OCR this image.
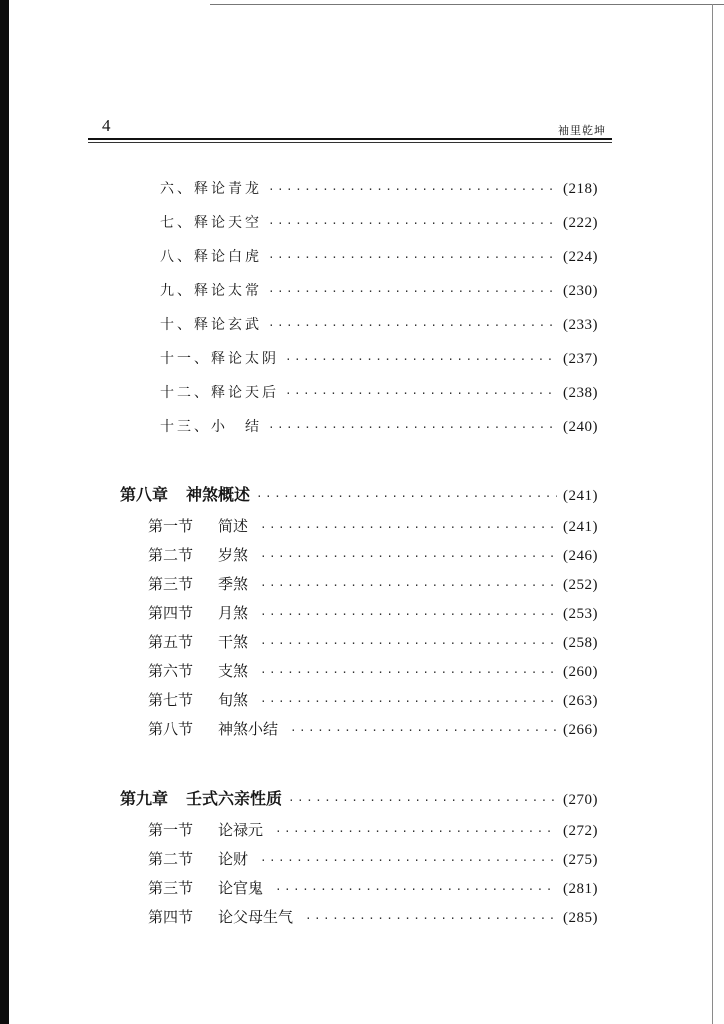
4	袖里乾坤
六、释论青龙 ·····	(218)
七、释论天空 ·····	(222)
八、释论白虎 ·····	(224)
九、释论太常 ·····	(230)
十、释论玄武 ·····	(233)
十一、释论太阴 ·····	(237)
十二、释论天后 ·····	(238)
十三、小　结 ·····	(240)
第八章 神煞概述 ·····	(241)
第一节	简述 ·····	(241)
第二节	岁煞 ·····	(246)
第三节	季煞 ·····	(252)
第四节	月煞 ·····	(253)
第五节	干煞 ·····	(258)
第六节	支煞 ·····	(260)
第七节	旬煞 ·····	(263)
第八节	神煞小结 ·····	(266)
第九章 壬式六亲性质 ·····	(270)
第一节	论禄元 ·····	(272)
第二节	论财 ·····	(275)
第三节	论官鬼 ·····	(281)
第四节	论父母生气 ·····	(285)
